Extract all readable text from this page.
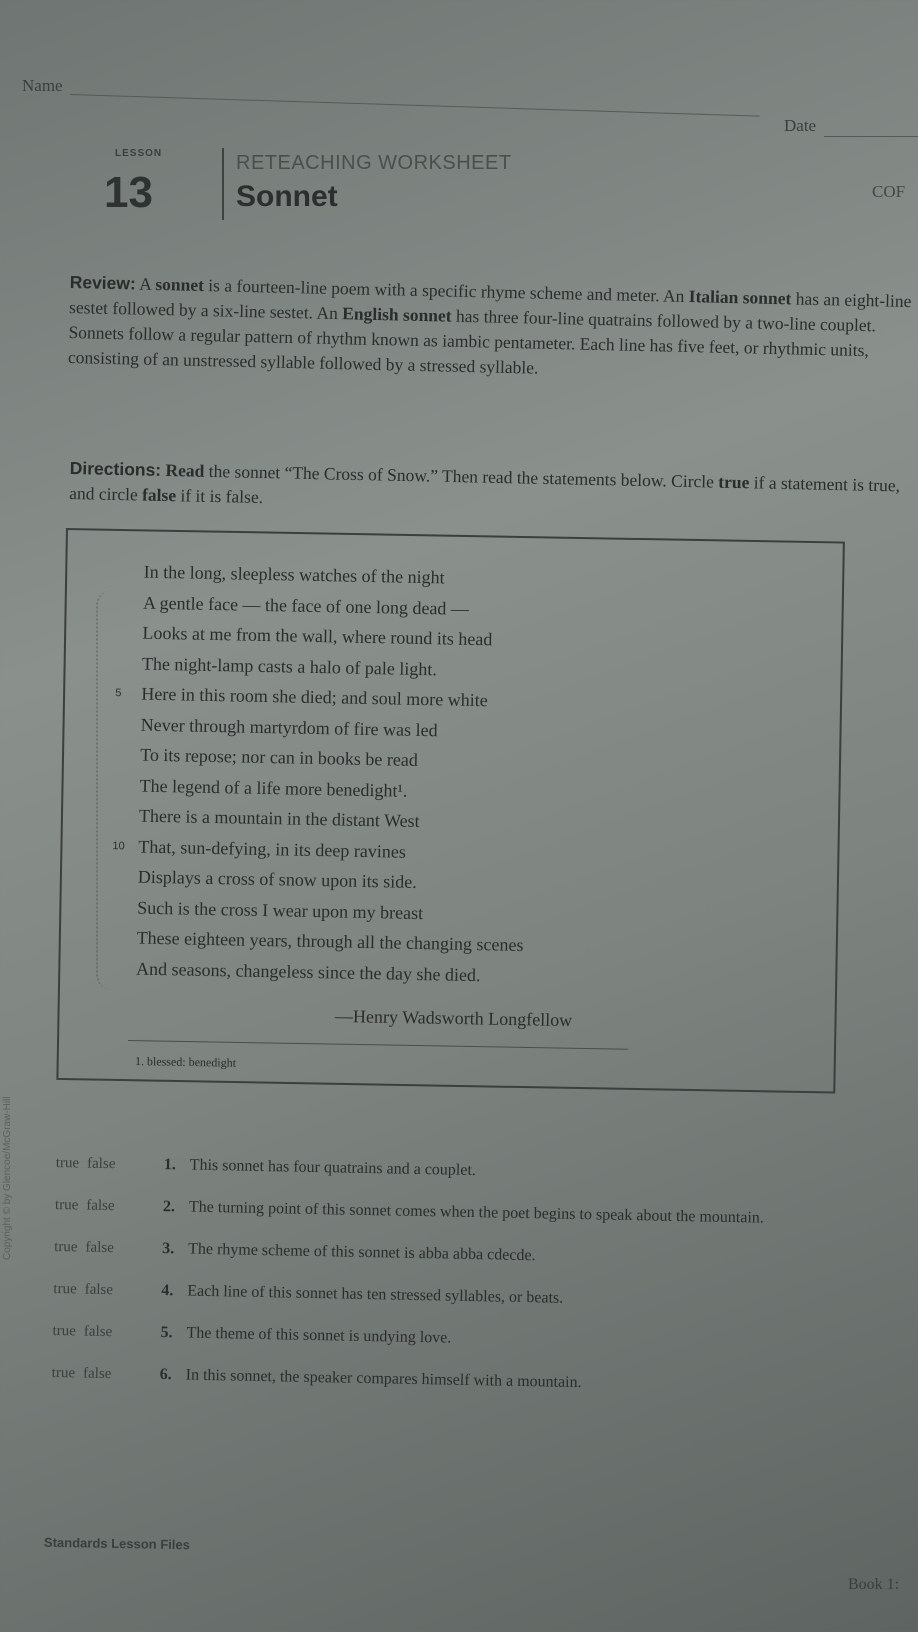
Name
Date
LESSON
13
RETEACHING WORKSHEET
Sonnet	COF
Review: A sonnet is a fourteen-line poem with a specific rhyme scheme and meter. An Italian sonnet has an eight-line sestet followed by a six-line sestet. An English sonnet has three four-line quatrains followed by a two-line couplet. Sonnets follow a regular pattern of rhythm known as iambic pentameter. Each line has five feet, or rhythmic units, consisting of an unstressed syllable followed by a stressed syllable.
Directions: Read the sonnet “The Cross of Snow.” Then read the statements below. Circle true if a statement is true, and circle false if it is false.
In the long, sleepless watches of the night
A gentle face — the face of one long dead —
Looks at me from the wall, where round its head
The night-lamp casts a halo of pale light.
5 Here in this room she died; and soul more white
Never through martyrdom of fire was led
To its repose; nor can in books be read
The legend of a life more benedight¹.
There is a mountain in the distant West
10 That, sun-defying, in its deep ravines
Displays a cross of snow upon its side.
Such is the cross I wear upon my breast
These eighteen years, through all the changing scenes
And seasons, changeless since the day she died.
—Henry Wadsworth Longfellow
1. blessed: benedight
true false	1. This sonnet has four quatrains and a couplet.
true false	2. The turning point of this sonnet comes when the poet begins to speak about the mountain.
true false	3. The rhyme scheme of this sonnet is abba abba cdecde.
true false	4. Each line of this sonnet has ten stressed syllables, or beats.
true false	5. The theme of this sonnet is undying love.
true false	6. In this sonnet, the speaker compares himself with a mountain.
Standards Lesson Files
Book 1:
Copyright © by Glencoe/McGraw-Hill
